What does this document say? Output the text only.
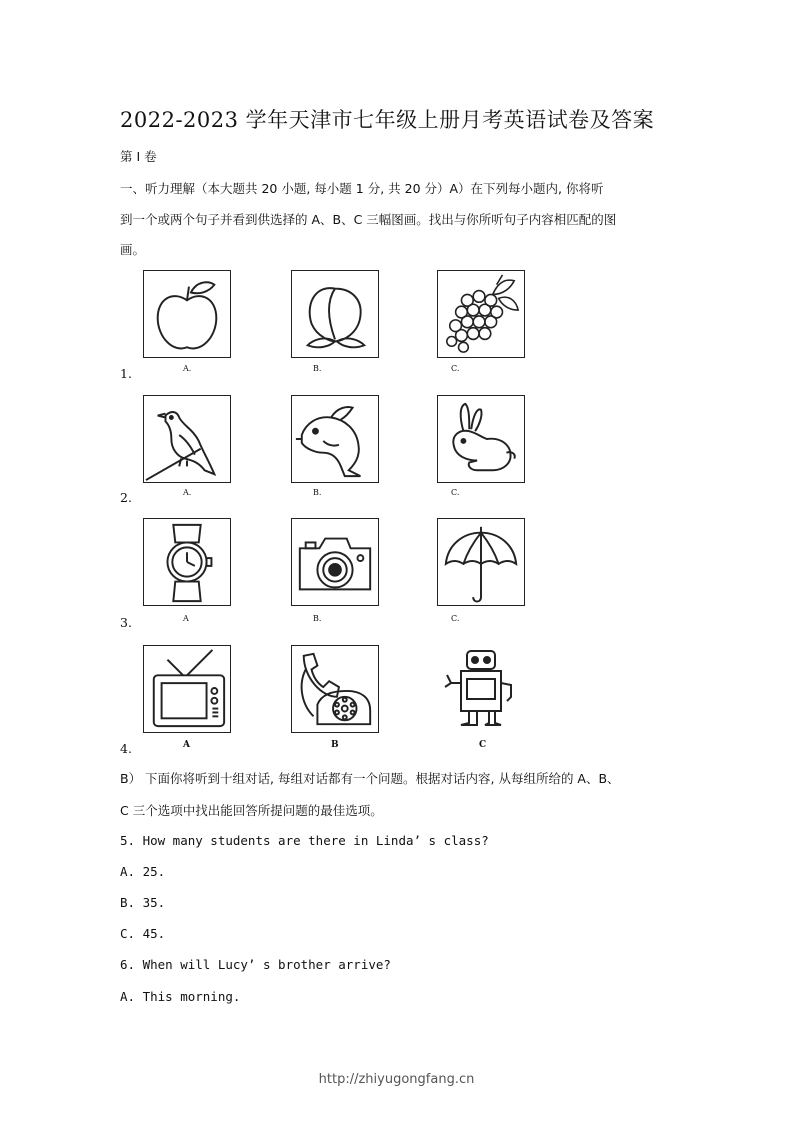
2022-2023 学年天津市七年级上册月考英语试卷及答案
第 I 卷
一、听力理解（本大题共 20 小题, 每小题 1 分, 共 20 分）A）在下列每小题内, 你将听
到一个或两个句子并看到供选择的 A、B、C 三幅图画。找出与你所听句子内容相匹配的图
画。
1.	A.	B.	C.
2.	A.	B.	C.
3.	A	B.	C.
4.	A	B	C
B） 下面你将听到十组对话, 每组对话都有一个问题。根据对话内容, 从每组所给的 A、B、
C 三个选项中找出能回答所提问题的最佳选项。
5. How many students are there in Linda’ s class?
A. 25.
B. 35.
C. 45.
6. When will Lucy’ s brother arrive?
A. This morning.
http://zhiyugongfang.cn
